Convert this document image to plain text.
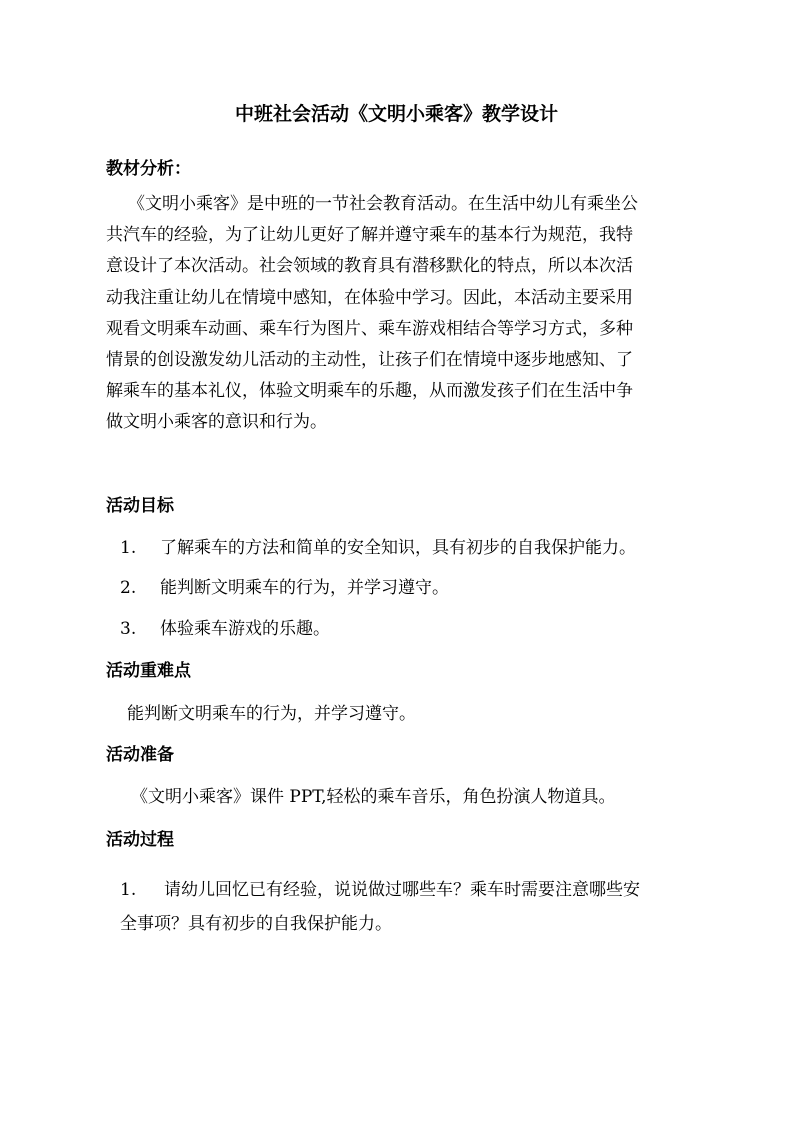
中班社会活动《文明小乘客》教学设计
教材分析：
《文明小乘客》是中班的一节社会教育活动。在生活中幼儿有乘坐公
共汽车的经验，为了让幼儿更好了解并遵守乘车的基本行为规范，我特
意设计了本次活动。社会领域的教育具有潜移默化的特点，所以本次活
动我注重让幼儿在情境中感知，在体验中学习。因此，本活动主要采用
观看文明乘车动画、乘车行为图片、乘车游戏相结合等学习方式，多种
情景的创设激发幼儿活动的主动性，让孩子们在情境中逐步地感知、了
解乘车的基本礼仪，体验文明乘车的乐趣，从而激发孩子们在生活中争
做文明小乘客的意识和行为。
活动目标
1. 了解乘车的方法和简单的安全知识，具有初步的自我保护能力。
2. 能判断文明乘车的行为，并学习遵守。
3. 体验乘车游戏的乐趣。
活动重难点
能判断文明乘车的行为，并学习遵守。
活动准备
《文明小乘客》课件 PPT,轻松的乘车音乐，角色扮演人物道具。
活动过程
1. 请幼儿回忆已有经验，说说做过哪些车？乘车时需要注意哪些安
全事项？具有初步的自我保护能力。
